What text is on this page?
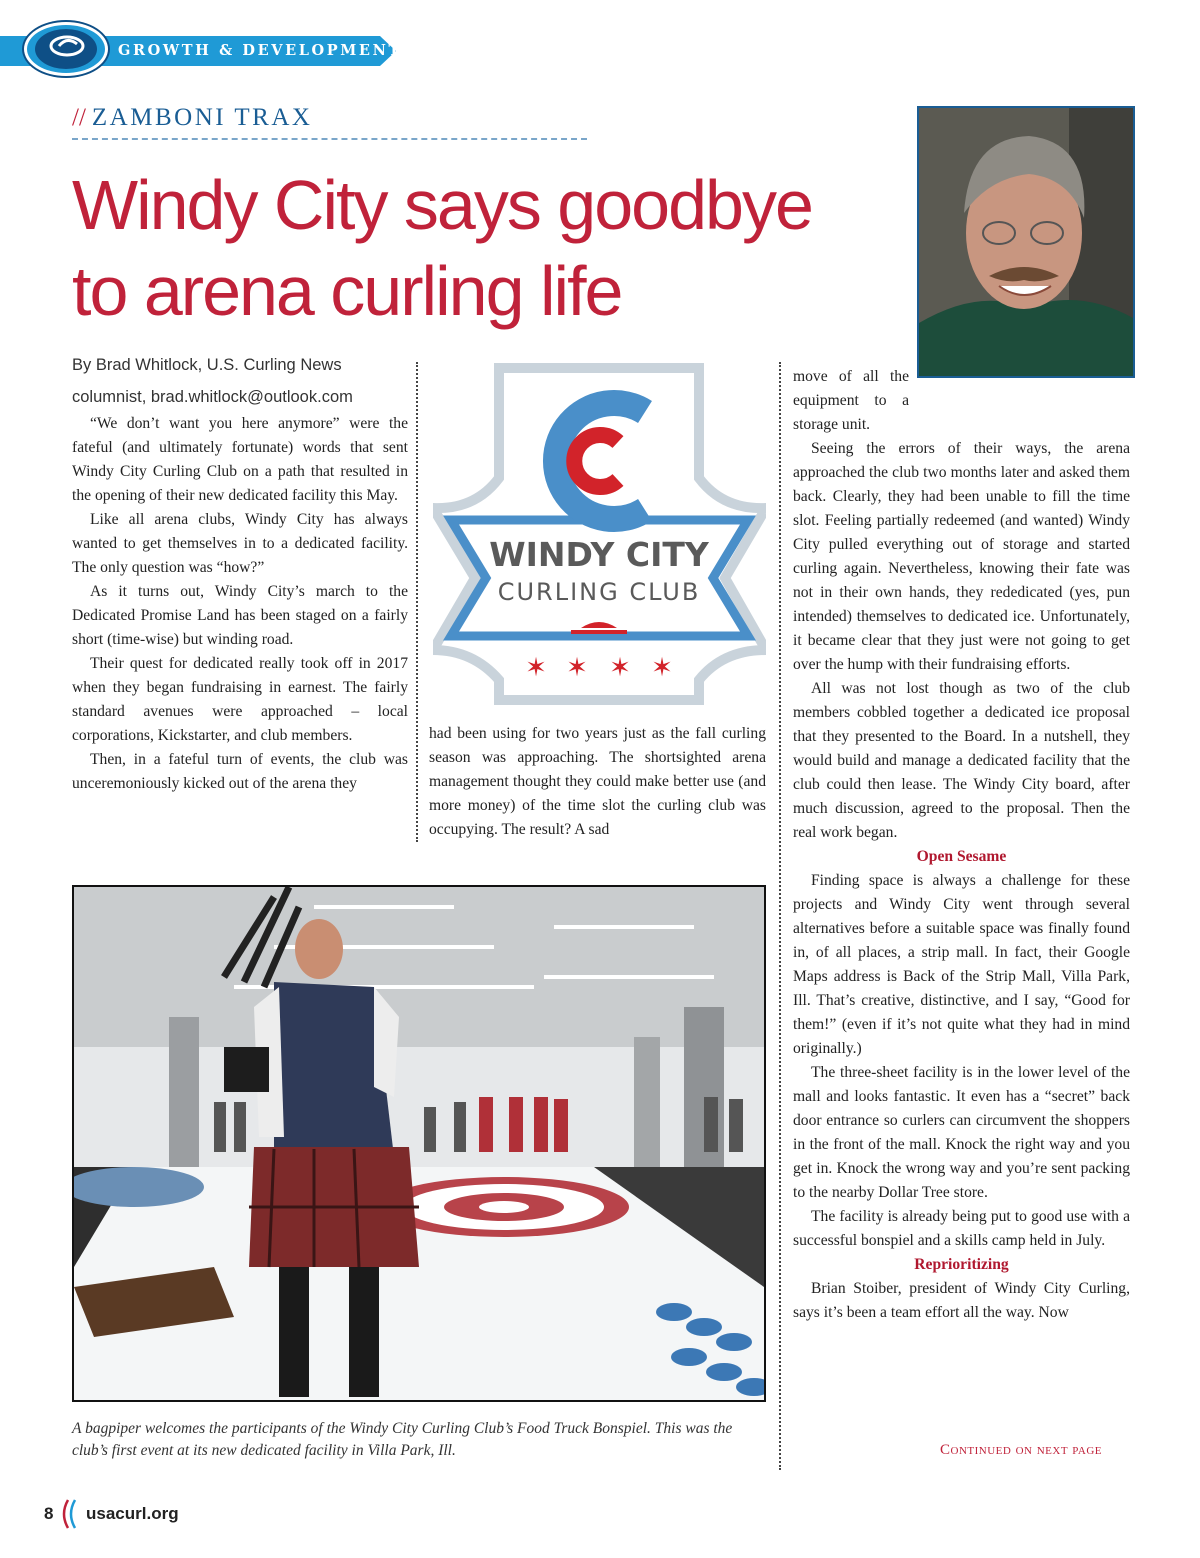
GROWTH & DEVELOPMENT
USA Curling
// ZAMBONI TRAX
Windy City says goodbye
to arena curling life
By Brad Whitlock, U.S. Curling News
columnist, brad.whitlock@outlook.com

“We don’t want you here anymore” were the fateful (and ultimately fortunate) words that sent Windy City Curling Club on a path that resulted in the opening of their new dedicated facility this May.

Like all arena clubs, Windy City has always wanted to get themselves in to a dedicated facility. The only question was “how?”

As it turns out, Windy City’s march to the Dedicated Promise Land has been staged on a fairly short (time-wise) but winding road.

Their quest for dedicated really took off in 2017 when they began fundraising in earnest. The fairly standard avenues were approached – local corporations, Kickstarter, and club members.

Then, in a fateful turn of events, the club was unceremoniously kicked out of the arena they

WINDY CITY
CURLING CLUB
✶ ✶ ✶ ✶

had been using for two years just as the fall curling season was approaching. The shortsighted arena management thought they could make better use (and more money) of the time slot the curling club was occupying. The result? A sad

move of all the equipment to a storage unit.

Seeing the errors of their ways, the arena approached the club two months later and asked them back. Clearly, they had been unable to fill the time slot. Feeling partially redeemed (and wanted) Windy City pulled everything out of storage and started curling again. Nevertheless, knowing their fate was not in their own hands, they rededicated (yes, pun intended) themselves to dedicated ice. Unfortunately, it became clear that they just were not going to get over the hump with their fundraising efforts.

All was not lost though as two of the club members cobbled together a dedicated ice proposal that they presented to the Board. In a nutshell, they would build and manage a dedicated facility that the club could then lease. The Windy City board, after much discussion, agreed to the proposal. Then the real work began.

Open Sesame

Finding space is always a challenge for these projects and Windy City went through several alternatives before a suitable space was finally found in, of all places, a strip mall. In fact, their Google Maps address is Back of the Strip Mall, Villa Park, Ill. That’s creative, distinctive, and I say, “Good for them!” (even if it’s not quite what they had in mind originally.)

The three-sheet facility is in the lower level of the mall and looks fantastic. It even has a “secret” back door entrance so curlers can circumvent the shoppers in the front of the mall. Knock the right way and you get in. Knock the wrong way and you’re sent packing to the nearby Dollar Tree store.

The facility is already being put to good use with a successful bonspiel and a skills camp held in July.

Reprioritizing

Brian Stoiber, president of Windy City Curling, says it’s been a team effort all the way. Now

A bagpiper welcomes the participants of the Windy City Curling Club’s Food Truck Bonspiel. This was the club’s first event at its new dedicated facility in Villa Park, Ill.	Continued on next page
8 usacurl.org
